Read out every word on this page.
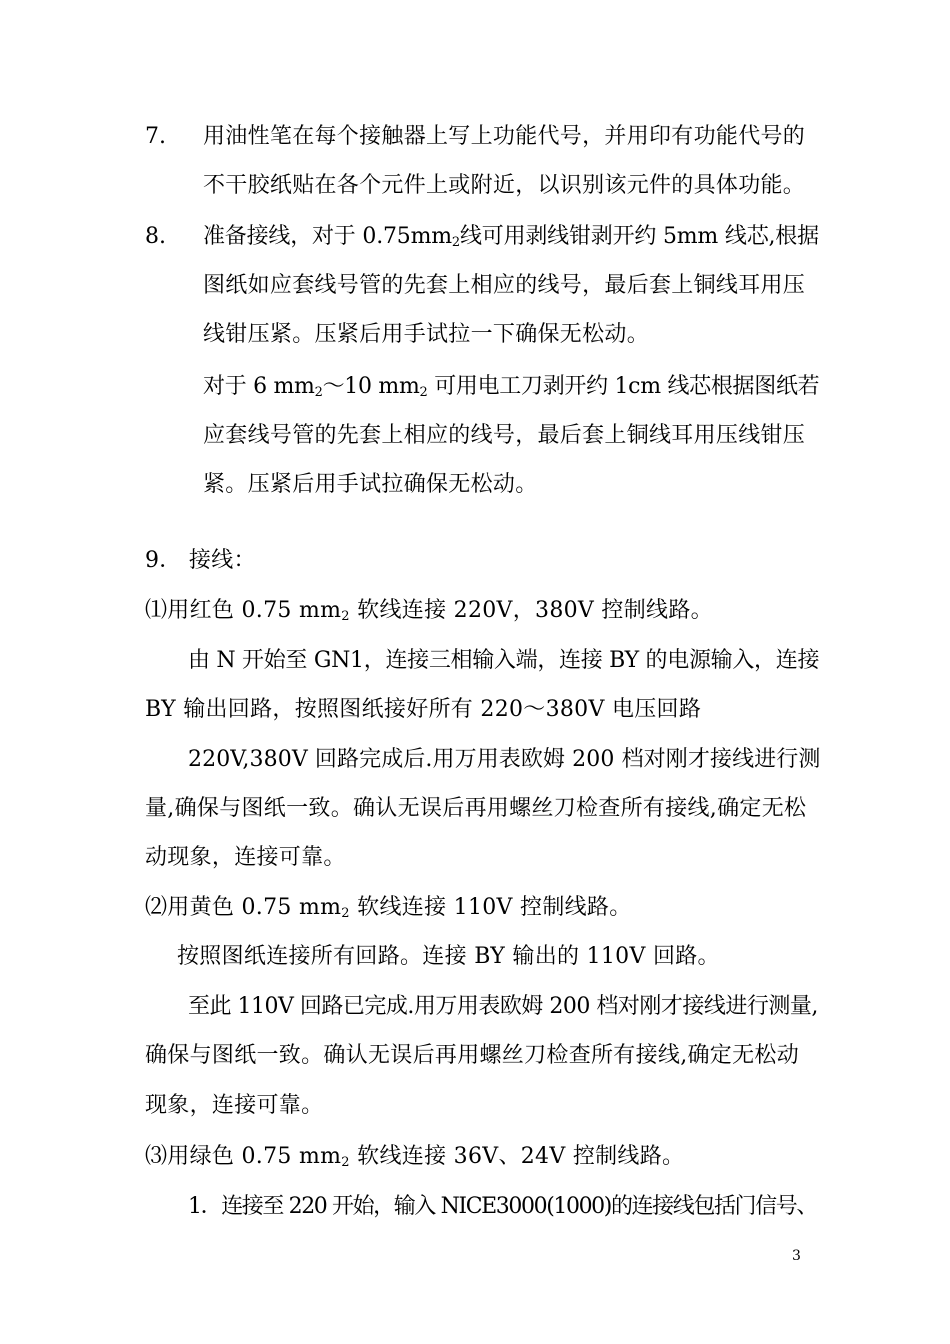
7. 用油性笔在每个接触器上写上功能代号，并用印有功能代号的
不干胶纸贴在各个元件上或附近，以识别该元件的具体功能。
8. 准备接线，对于 $0.75mm_2$线可用剥线钳剥开约 5mm 线芯,根据
图纸如应套线号管的先套上相应的线号，最后套上铜线耳用压
线钳压紧。压紧后用手试拉一下确保无松动。
对于 6 $mm_2\sim 10$ $mm_2$ 可用电工刀剥开约 1cm 线芯根据图纸若
应套线号管的先套上相应的线号，最后套上铜线耳用压线钳压
紧。压紧后用手试拉确保无松动。
9． 接线：
⑴用红色 0.75 $mm_2$ 软线连接 220V，380V 控制线路。
由 N 开始至 GN1，连接三相输入端，连接 BY 的电源输入，连接
BY 输出回路，按照图纸接好所有 220～380V 电压回路
220V,380V 回路完成后.用万用表欧姆 200 档对刚才接线进行测
量,确保与图纸一致。确认无误后再用螺丝刀检查所有接线,确定无松
动现象，连接可靠。
⑵用黄色 0.75 $mm_2$ 软线连接 110V 控制线路。
按照图纸连接所有回路。连接 BY 输出的 110V 回路。
至此 110V 回路已完成.用万用表欧姆 200 档对刚才接线进行测量,
确保与图纸一致。确认无误后再用螺丝刀检查所有接线,确定无松动
现象，连接可靠。
⑶用绿色 0.75 $mm_2$ 软线连接 36V、24V 控制线路。
1．连接至 220 开始，输入 NICE3000(1000)的连接线包括门信号、
3
